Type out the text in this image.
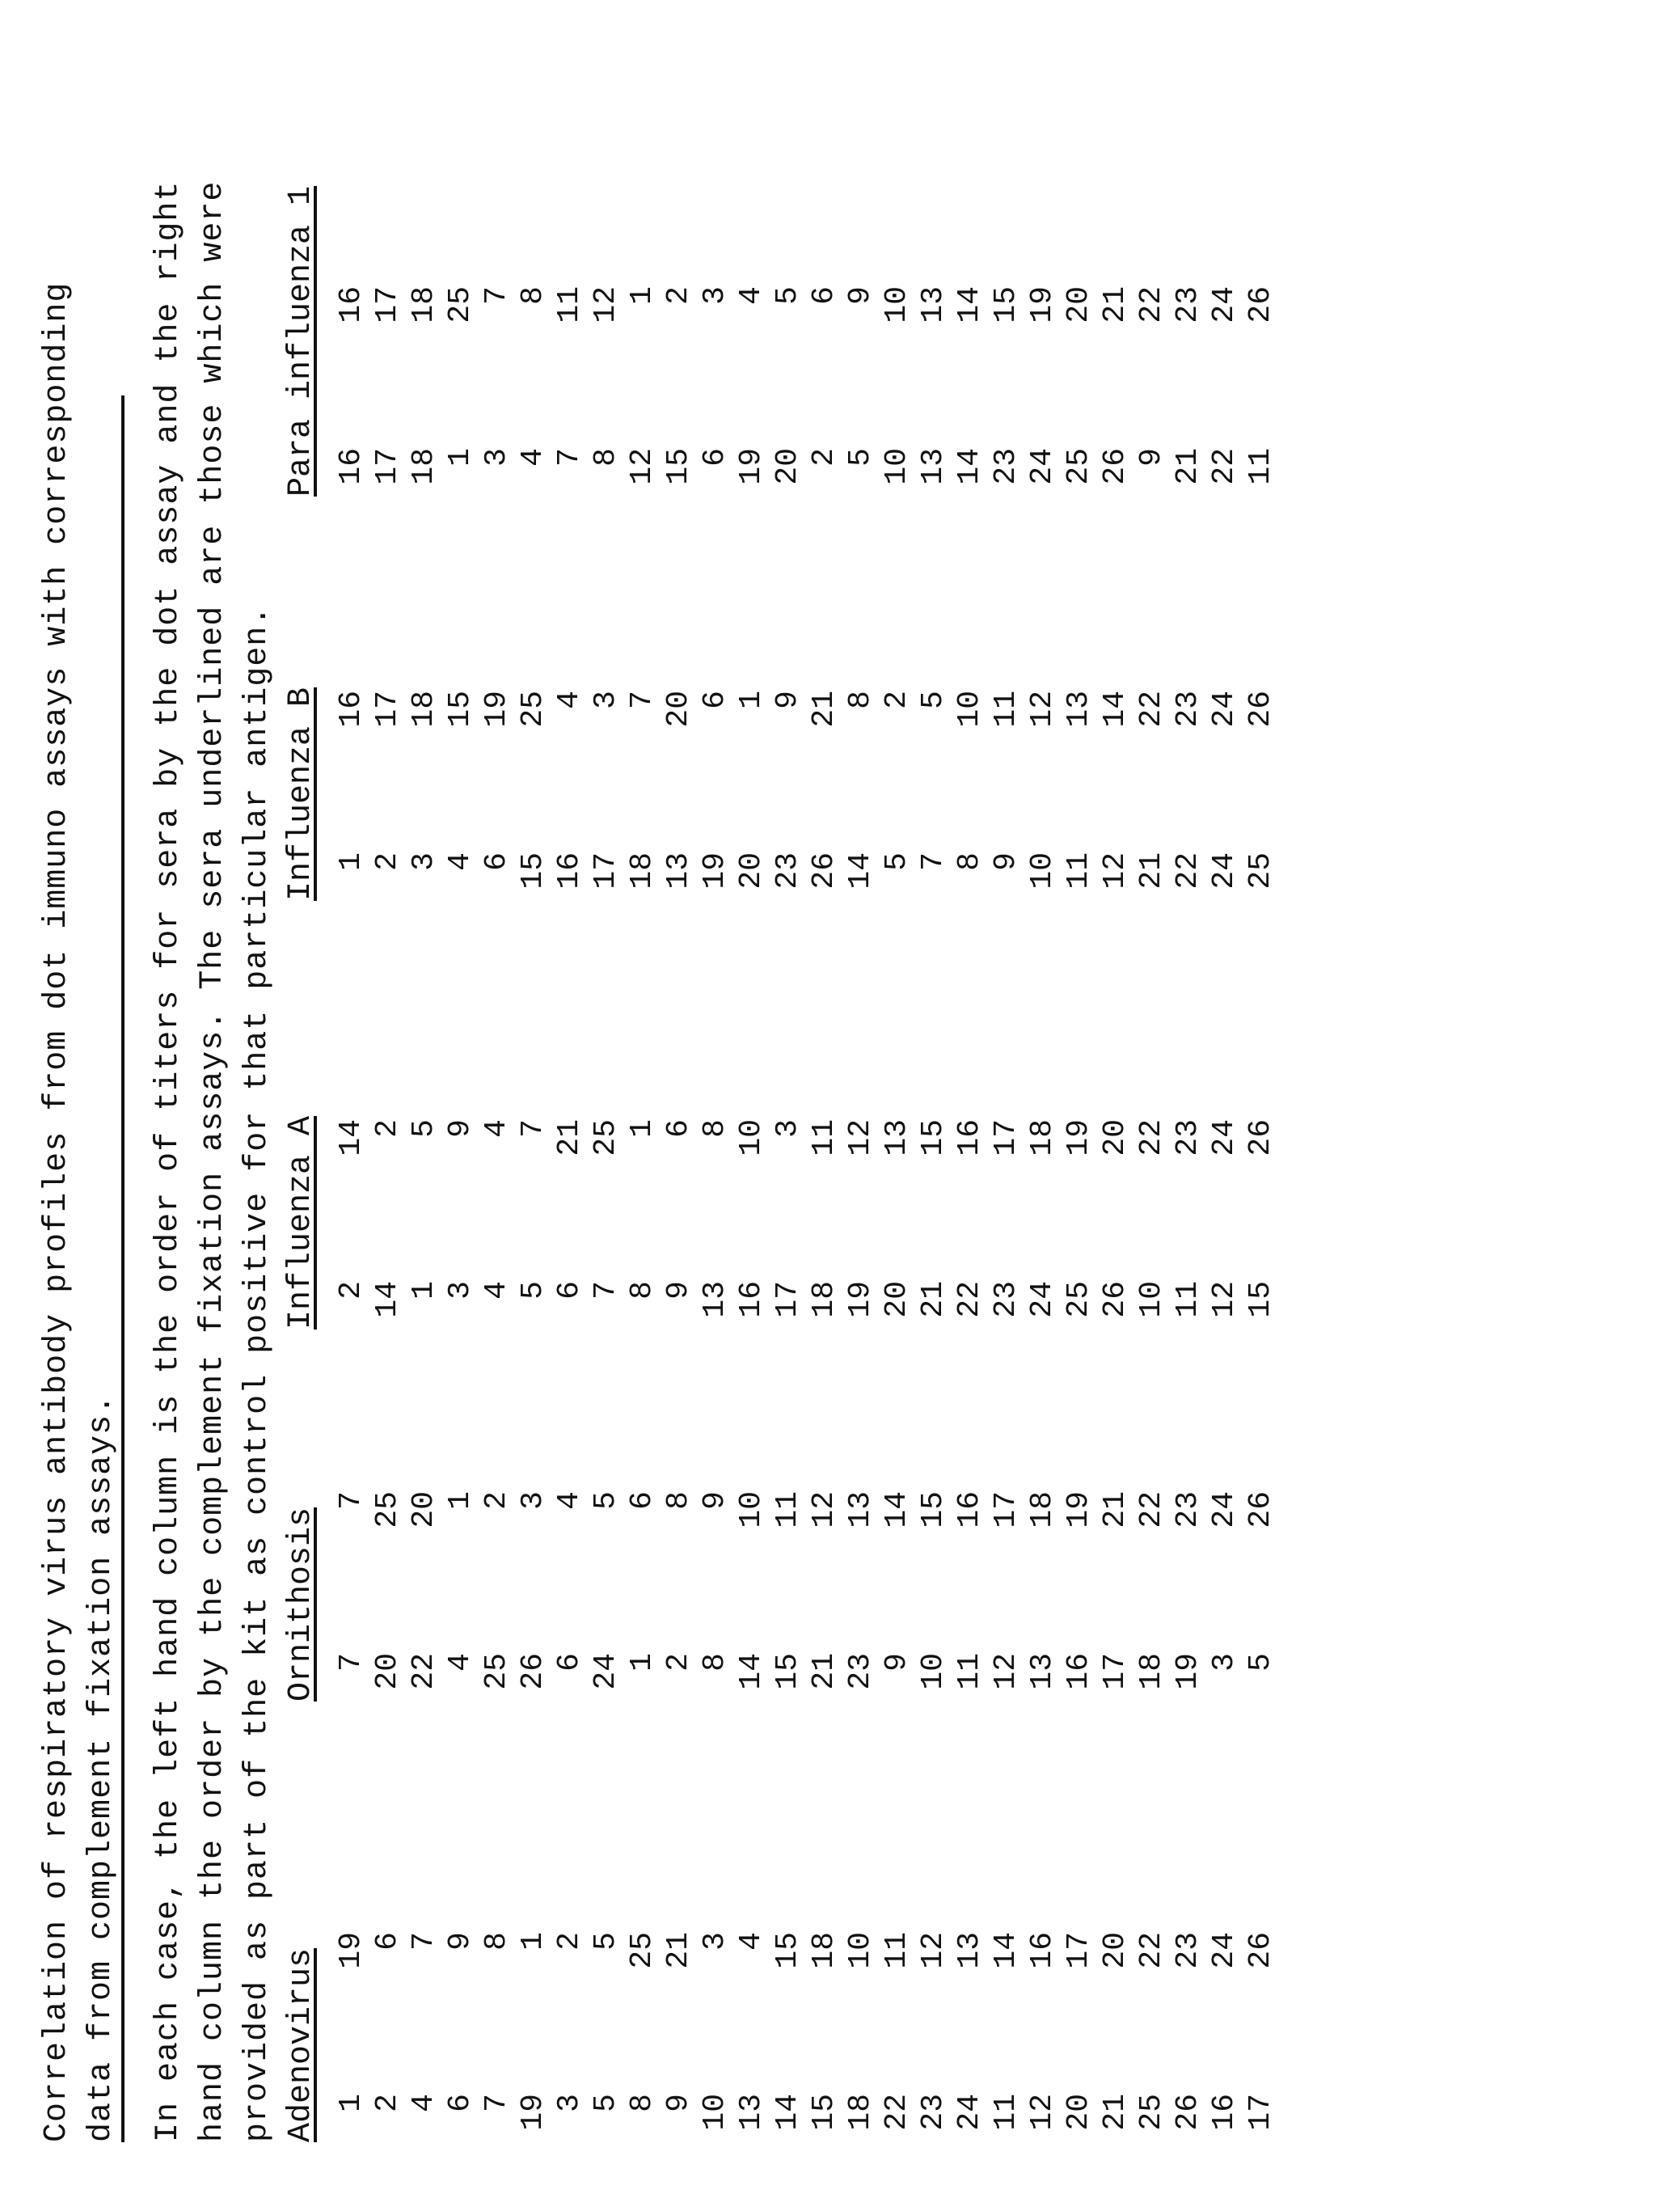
Correlation of respiratory virus antibody profiles from dot immuno assays with corresponding data from complement fixation assays. In each case, the left hand column is the order of titers for sera by the dot assay and the right hand column the order by the complement fixation assays. The sera underlined are those which were provided as part of the kit as control positive for that particular antigen. Adenovirus 1 2 4 6 7 19 3 5 8 9 10 13 14 15 18 22 23 24 11 12 20 21 25 26 16 17
19 6 7 9 8 1 2 5 25 21 3 4 15 18 10 11 12 13 14 16 17 20 22 23 24 26
Ornithosis 7 20 22 4 25 26 6 24 1 2 8 14 15 21 23 9 10 11 12 13 16 17 18 19 3 5
7 25 20 1 2 3 4 5 6 8 9 10 11 12 13 14 15 16 17 18 19 21 22 23 24 26
Influenza A 2 14 1 3 4 5 6 7 8 9 13 16 17 18 19 20 21 22 23 24 25 26 10 11 12 15
14 2 5 9 4 7 21 25 1 6 8 10 3 11 12 13 15 16 17 18 19 20 22 23 24 26
Influenza B 1 2 3 4 6 15 16 17 18 13 19 20 23 26 14 5 7 8 9 10 11 12 21 22 24 25
16 17 18 15 19 25 4 3 7 20 6 1 9 21 8 2 5 10 11 12 13 14 22 23 24 26
Para influenza 1 16 17 18 1 3 4 7 8 12 15 6 19 20 2 5 10 13 14 23 24 25 26 9 21 22 11
16 17 18 25 7 8 11 12 1 2 3 4 5 6 9 10 13 14 15 19 20 21 22 23 24 26
